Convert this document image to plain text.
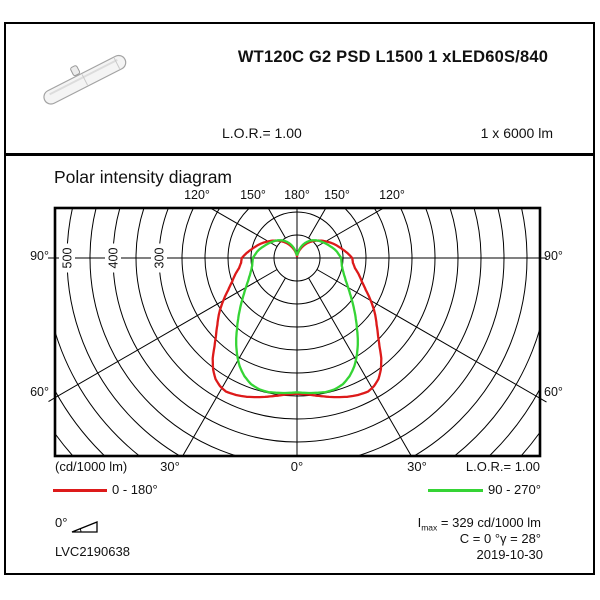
WT120C G2 PSD L1500 1 xLED60S/840
L.O.R.= 1.00	1 x 6000 lm
Polar intensity diagram
500	400	300
120°	150°	180°	150°	120°
90°	90°
60°	60°
30°	0°	30°
(cd/1000 lm)	L.O.R.= 1.00
0 - 180°	90 - 270°
0°	$I_{max} = 329$ cd/1000 lm
C = 0 °γ = 28°
2019-10-30
LVC2190638
